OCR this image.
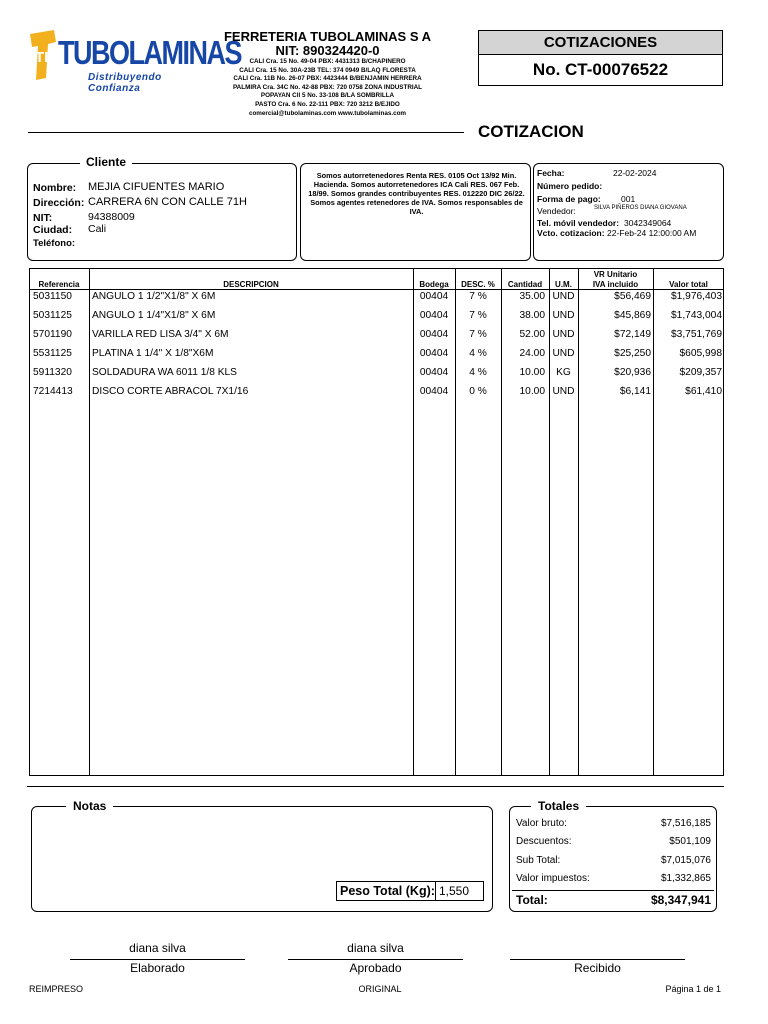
TL TUBOLAMINAS
Distribuyendo Confianza
FERRETERIA TUBOLAMINAS S A
NIT: 890324420-0
CALI Cra. 15 No. 49-04 PBX: 4431313 B/CHAPINERO
CALI Cra. 15 No. 30A-23B TEL: 374 0949 B/LAQ FLORESTA
CALI Cra. 11B No. 26-07 PBX: 4423444 B/BENJAMIN HERRERA
PALMIRA Cra. 34C No. 42-88 PBX: 720 0758 ZONA INDUSTRIAL
POPAYAN Cll 5 No. 33-108 B/LA SOMBRILLA
PASTO Cra. 6 No. 22-111 PBX: 720 3212 B/EJIDO
comercial@tubolaminas.com www.tubolaminas.com
COTIZACIONES
No. CT-00076522
COTIZACION
Cliente
Nombre: MEJIA CIFUENTES MARIO
Dirección: CARRERA 6N CON CALLE 71H
NIT:	94388009
Ciudad: Cali
Teléfono:
Somos autorretenedores Renta RES. 0105 Oct 13/92 Min. Hacienda. Somos autorretenedores ICA Cali RES. 067 Feb. 18/99. Somos grandes contribuyentes RES. 012220 DIC 26/22. Somos agentes retenedores de IVA. Somos responsables de IVA.
Fecha:	22-02-2024
Número pedido:
Forma de pago: 001
Vendedor:	SILVA PIÑEROS DIANA GIOVANA
Tel. móvil vendedor: 3042349064
Vcto. cotizacion: 22-Feb-24 12:00:00 AM
Referencia	DESCRIPCION	Bodega	DESC. %	Cantidad	U.M.
VR Unitario
IVA incluido	Valor total
5031150	ANGULO 1 1/2"X1/8" X 6M	00404	7 %	35.00 UND	$56,469	$1,976,403
5031125	ANGULO 1 1/4"X1/8" X 6M	00404	7 %	38.00 UND	$45,869	$1,743,004
5701190	VARILLA RED LISA 3/4" X 6M	00404	7 %	52.00 UND	$72,149	$3,751,769
5531125	PLATINA 1 1/4" X 1/8"X6M	00404	4 %	24.00 UND	$25,250	$605,998
5911320	SOLDADURA WA 6011 1/8 KLS	00404	4 %	10.00	KG	$20,936	$209,357
7214413	DISCO CORTE ABRACOL 7X1/16	00404	0 %	10.00 UND	$6,141	$61,410
Notas
Peso Total (Kg): 1,550
Totales
Valor bruto:	$7,516,185
Descuentos:	$501,109
Sub Total:	$7,015,076
Valor impuestos:	$1,332,865
Total:	$8,347,941
diana silva
Elaborado
diana silva
Aprobado	Recibido
REIMPRESO	ORIGINAL	Página 1 de 1
